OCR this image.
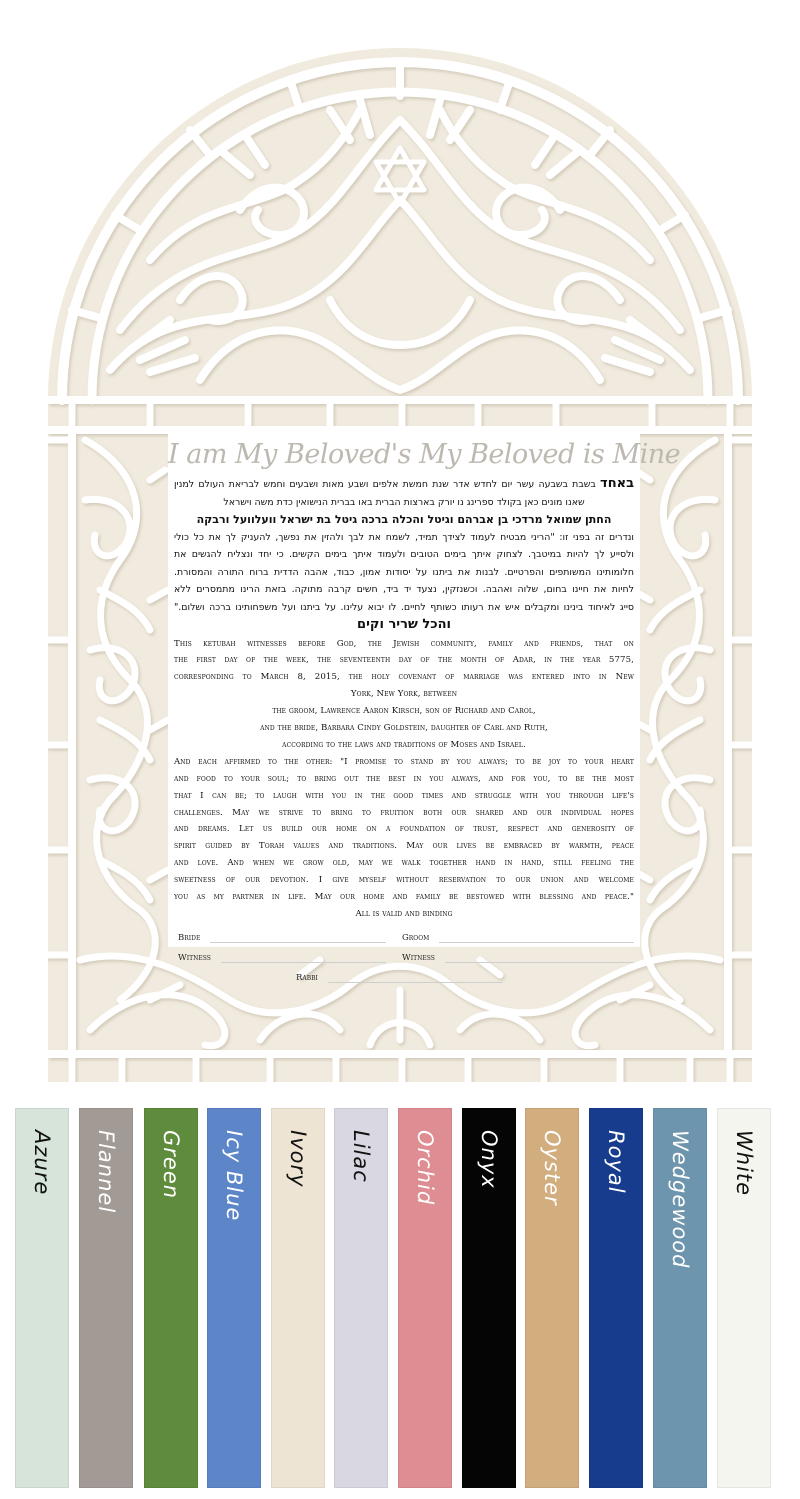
I am My Beloved's My Beloved is Mine
באחד בשבת בשבעה עשר יום לחדש אדר שנת חמשת אלפים ושבע מאות ושבעים וחמש לבריאת העולם למנין
שאנו מונים כאן בקולד ספרינג נו יורק בארצות הברית באו בברית הנישואין כדת משה וישראל
החתן שמואל מרדכי בן אברהם וגיטל והכלה ברכה גיטל בת ישראל וועלוועל ורבקה
ונדרים זה בפני זו: "הריני מבטיח לעמוד לצידך תמיד, לשמח את לבך ולהזין את נפשך, להעניק לך את כל כולי
ולסייע לך להיות במיטבך. לצחוק איתך בימים הטובים ולעמוד איתך בימים הקשים. כי יחד ונצליח להגשים את
חלומותינו המשותפים והפרטיים. לבנות את ביתנו על יסודות אמון, כבוד, אהבה הדדית ברוח התורה והמסורת.
לחיות את חיינו בחום, שלוה ואהבה. וכשנזקין, נצעד יד ביד, חשים קרבה מתוקה. בזאת הרינו מתמסרים ללא
סייג לאיחוד בינינו ומקבלים איש את רעותו כשותף לחיים. לו יבוא עלינו. על ביתנו ועל משפחותינו ברכה ושלום."
והכל שריר וקים
This ketubah witnesses before God, the Jewish community, family and friends, that on
the first day of the week, the seventeenth day of the month of Adar, in the year 5775,
corresponding to March 8, 2015, the holy covenant of marriage was entered into in New
York, New York, between
the groom, Lawrence Aaron Kirsch, son of Richard and Carol,
and the bride, Barbara Cindy Goldstein, daughter of Carl and Ruth,
according to the laws and traditions of Moses and Israel.
And each affirmed to the other: "I promise to stand by you always; to be joy to your heart
and food to your soul; to bring out the best in you always, and for you, to be the most
that I can be; to laugh with you in the good times and struggle with you through life's
challenges. May we strive to bring to fruition both our shared and our individual hopes
and dreams. Let us build our home on a foundation of trust, respect and generosity of
spirit guided by Torah values and traditions. May our lives be embraced by warmth, peace
and love. And when we grow old, may we walk together hand in hand, still feeling the
sweetness of our devotion. I give myself without reservation to our union and welcome
you as my partner in life. May our home and family be bestowed with blessing and peace."
All is valid and binding
Bride	Groom
Witness	Witness
Rabbi
Azure Flannel Green Icy Blue Ivory Lilac Orchid Onyx Oyster Royal Wedgewood White
